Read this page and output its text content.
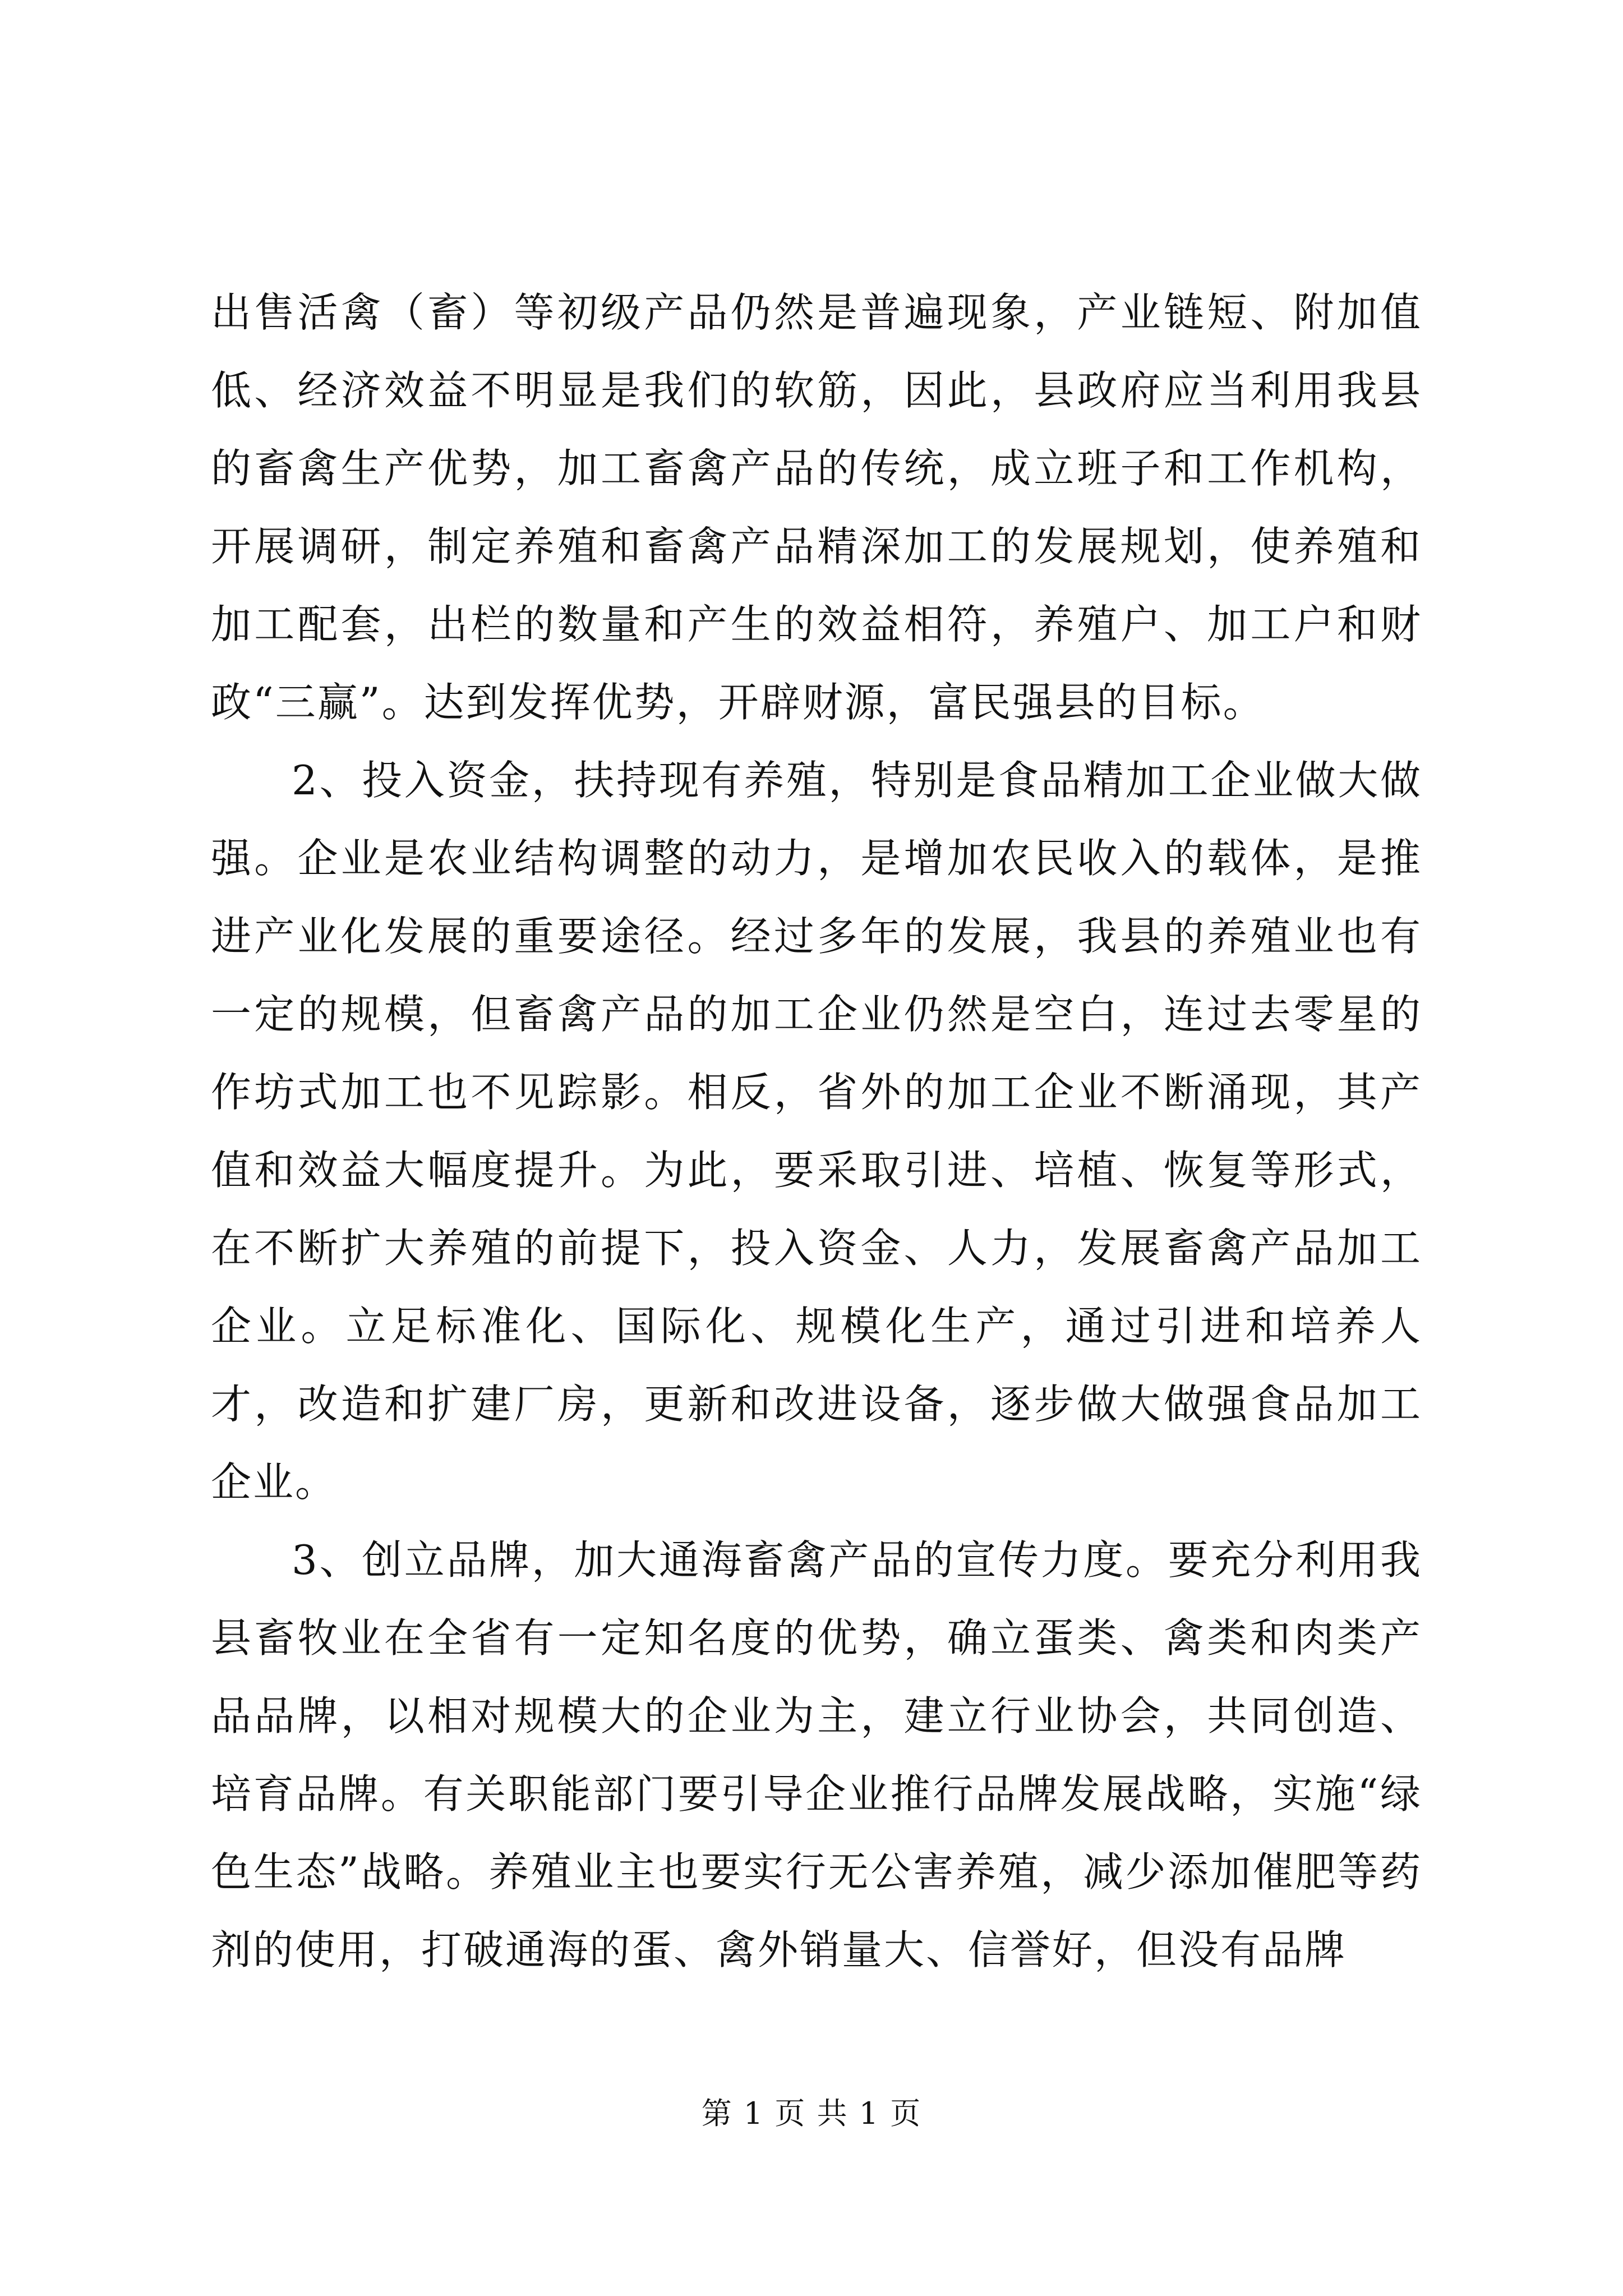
出售活禽（畜）等初级产品仍然是普遍现象，产业链短、附加值低、经济效益不明显是我们的软筋，因此，县政府应当利用我县的畜禽生产优势，加工畜禽产品的传统，成立班子和工作机构，开展调研，制定养殖和畜禽产品精深加工的发展规划，使养殖和加工配套，出栏的数量和产生的效益相符，养殖户、加工户和财政“三赢”。达到发挥优势，开辟财源，富民强县的目标。

2、投入资金，扶持现有养殖，特别是食品精加工企业做大做强。企业是农业结构调整的动力，是增加农民收入的载体，是推进产业化发展的重要途径。经过多年的发展，我县的养殖业也有一定的规模，但畜禽产品的加工企业仍然是空白，连过去零星的作坊式加工也不见踪影。相反，省外的加工企业不断涌现，其产值和效益大幅度提升。为此，要采取引进、培植、恢复等形式，在不断扩大养殖的前提下，投入资金、人力，发展畜禽产品加工企业。立足标准化、国际化、规模化生产，通过引进和培养人才，改造和扩建厂房，更新和改进设备，逐步做大做强食品加工企业。

3、创立品牌，加大通海畜禽产品的宣传力度。要充分利用我县畜牧业在全省有一定知名度的优势，确立蛋类、禽类和肉类产品品牌，以相对规模大的企业为主，建立行业协会，共同创造、培育品牌。有关职能部门要引导企业推行品牌发展战略，实施“绿色生态”战略。养殖业主也要实行无公害养殖，减少添加催肥等药剂的使用，打破通海的蛋、禽外销量大、信誉好，但没有品牌

第 1 页 共 1 页
